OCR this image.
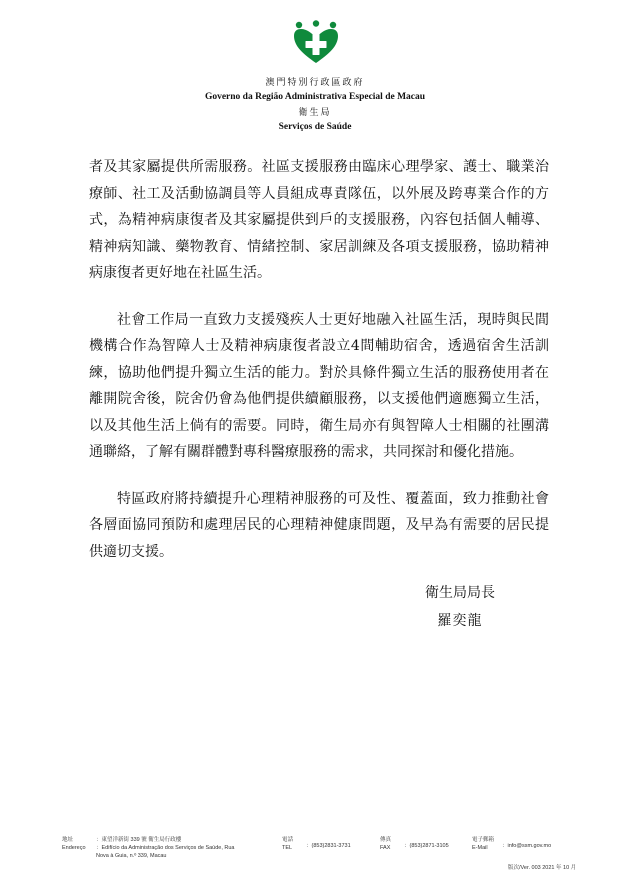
澳門特別行政區政府
Governo da Região Administrativa Especial de Macau
衛生局
Serviços de Saúde

者及其家屬提供所需服務。社區支援服務由臨床心理學家、護士、職業治療師、社工及活動協調員等人員組成專責隊伍，以外展及跨專業合作的方式，為精神病康復者及其家屬提供到戶的支援服務，內容包括個人輔導、精神病知識、藥物教育、情緒控制、家居訓練及各項支援服務，協助精神病康復者更好地在社區生活。

社會工作局一直致力支援殘疾人士更好地融入社區生活，現時與民間機構合作為智障人士及精神病康復者設立4間輔助宿舍，透過宿舍生活訓練，協助他們提升獨立生活的能力。對於具條件獨立生活的服務使用者在離開院舍後，院舍仍會為他們提供續顧服務，以支援他們適應獨立生活，以及其他生活上倘有的需要。同時，衛生局亦有與智障人士相關的社團溝通聯絡，了解有關群體對專科醫療服務的需求，共同探討和優化措施。

特區政府將持續提升心理精神服務的可及性、覆蓋面，致力推動社會各層面協同預防和處理居民的心理精神健康問題，及早為有需要的居民提供適切支援。

衛生局局長
羅奕龍
地址
Endereço
：東望洋新街 339 號 衛生局行政樓
：Edifício da Administração dos Serviços de Saúde, Rua Nova à Guia, n.º 339, Macau
電話
TEL	：(853)2831-3731
傳真
FAX ：(853)2871-3105
電子郵箱
E-Mail	：info@ssm.gov.mo
版次/Ver. 003 2021 年 10 月
